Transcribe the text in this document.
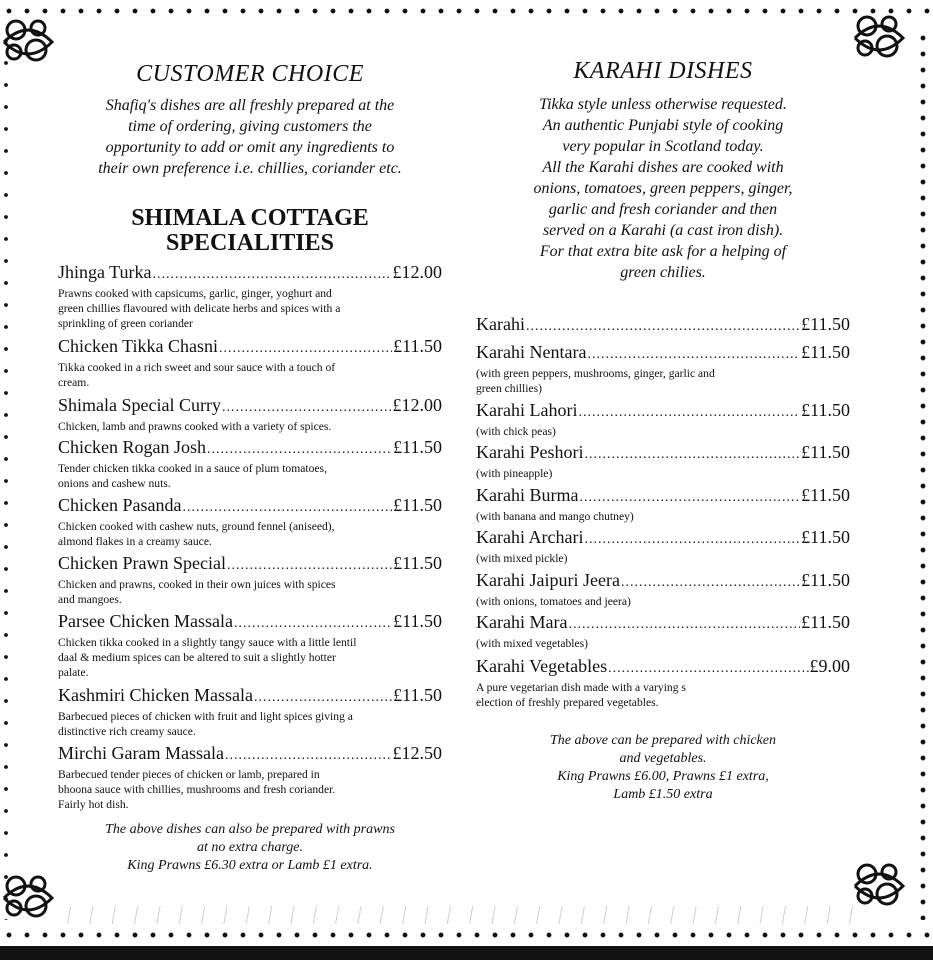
CUSTOMER CHOICE

Shafiq's dishes are all freshly prepared at the

time of ordering, giving customers the

opportunity to add or omit any ingredients to

their own preference i.e. chillies, coriander etc.

SHIMALA COTTAGE
SPECIALITIES
Jhinga Turka .....	£12.00
Prawns cooked with capsicums, garlic, ginger, yoghurt and
green chillies flavoured with delicate herbs and spices with a
sprinkling of green coriander
Chicken Tikka Chasni .....	£11.50
Tikka cooked in a rich sweet and sour sauce with a touch of
cream.
Shimala Special Curry .....	£12.00
Chicken, lamb and prawns cooked with a variety of spices.
Chicken Rogan Josh .....	£11.50
Tender chicken tikka cooked in a sauce of plum tomatoes,
onions and cashew nuts.
Chicken Pasanda .....	£11.50
Chicken cooked with cashew nuts, ground fennel (aniseed),
almond flakes in a creamy sauce.
Chicken Prawn Special .....	£11.50
Chicken and prawns, cooked in their own juices with spices
and mangoes.
Parsee Chicken Massala .....	£11.50
Chicken tikka cooked in a slightly tangy sauce with a little lentil
daal & medium spices can be altered to suit a slightly hotter
palate.
Kashmiri Chicken Massala .....	£11.50
Barbecued pieces of chicken with fruit and light spices giving a
distinctive rich creamy sauce.
Mirchi Garam Massala .....	£12.50
Barbecued tender pieces of chicken or lamb, prepared in
bhoona sauce with chillies, mushrooms and fresh coriander.
Fairly hot dish.
The above dishes can also be prepared with prawns
at no extra charge.
King Prawns £6.30 extra or Lamb £1 extra.
KARAHI DISHES

Tikka style unless otherwise requested.

An authentic Punjabi style of cooking

very popular in Scotland today.

All the Karahi dishes are cooked with

onions, tomatoes, green peppers, ginger,

garlic and fresh coriander and then

served on a Karahi (a cast iron dish).

For that extra bite ask for a helping of

green chilies.

Karahi .....	£11.50
Karahi Nentara .....	£11.50
(with green peppers, mushrooms, ginger, garlic and
green chillies)
Karahi Lahori .....	£11.50
(with chick peas)
Karahi Peshori .....	£11.50
(with pineapple)
Karahi Burma .....	£11.50
(with banana and mango chutney)
Karahi Archari .....	£11.50
(with mixed pickle)
Karahi Jaipuri Jeera .....	£11.50
(with onions, tomatoes and jeera)
Karahi Mara .....	£11.50
(with mixed vegetables)
Karahi Vegetables .....	£9.00
A pure vegetarian dish made with a varying s
election of freshly prepared vegetables.
The above can be prepared with chicken
and vegetables.
King Prawns £6.00, Prawns £1 extra,
Lamb £1.50 extra
